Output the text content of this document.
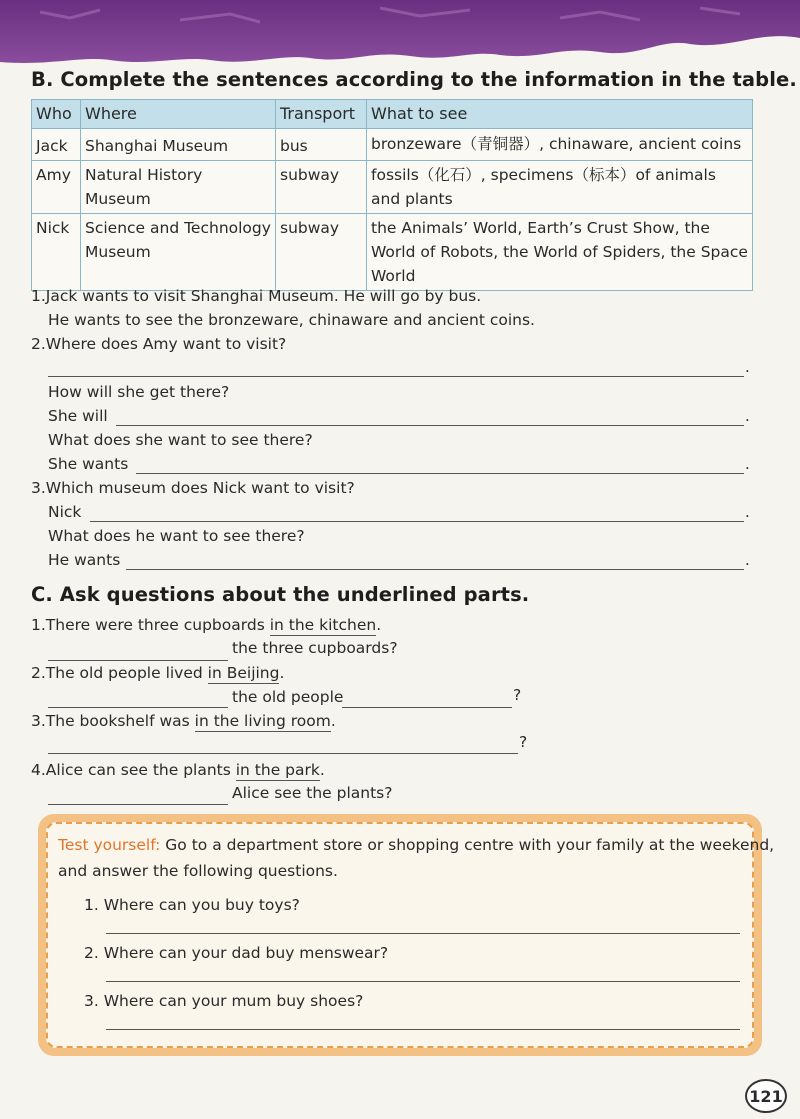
B. Complete the sentences according to the information in the table.
Who	Where	Transport	What to see
Jack	Shanghai Museum	bus	bronzeware（青铜器）, chinaware, ancient coins
Amy	Natural History Museum	subway	fossils（化石）, specimens（标本）of animals and plants
Nick	Science and Technology Museum	subway	the Animals’ World, Earth’s Crust Show, the World of Robots, the World of Spiders, the Space World
1.Jack wants to visit Shanghai Museum. He will go by bus.
He wants to see the bronzeware, chinaware and ancient coins.
2.Where does Amy want to visit?
.
How will she get there?
She will	.
What does she want to see there?
She wants	.
3.Which museum does Nick want to visit?
Nick	.
What does he want to see there?
He wants	.
C. Ask questions about the underlined parts.
1.There were three cupboards in the kitchen.
the three cupboards?
2.The old people lived in Beijing.
the old people	?
3.The bookshelf was in the living room.
?
4.Alice can see the plants in the park.
Alice see the plants?
Test yourself: Go to a department store or shopping centre with your family at the weekend,
and answer the following questions.
1. Where can you buy toys?
2. Where can your dad buy menswear?
3. Where can your mum buy shoes?
121
